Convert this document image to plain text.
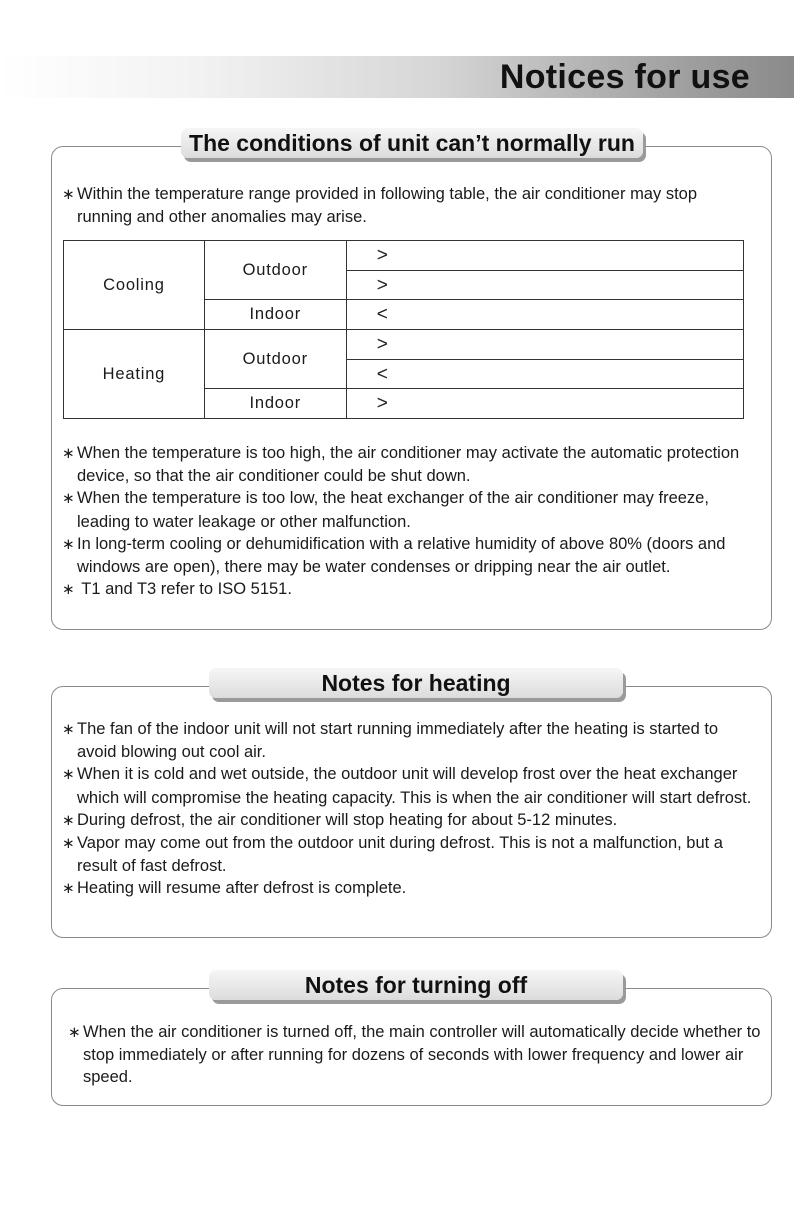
Notices for use
The conditions of unit can’t normally run

∗ Within the temperature range provided in following table, the air conditioner may stop running and other anomalies may arise.

Cooling	Outdoor	>
		>
	Indoor	<
Heating	Outdoor	>
		<
	Indoor	>

∗ When the temperature is too high, the air conditioner may activate the automatic protection device, so that the air conditioner could be shut down.

∗ When the temperature is too low, the heat exchanger of the air conditioner may freeze, leading to water leakage or other malfunction.

∗ In long-term cooling or dehumidification with a relative humidity of above 80% (doors and windows are open), there may be water condenses or dripping near the air outlet.

∗ T1 and T3 refer to ISO 5151.

Notes for heating

∗ The fan of the indoor unit will not start running immediately after the heating is started to avoid blowing out cool air.

∗ When it is cold and wet outside, the outdoor unit will develop frost over the heat exchanger which will compromise the heating capacity. This is when the air conditioner will start defrost.

∗ During defrost, the air conditioner will stop heating for about 5-12 minutes.

∗ Vapor may come out from the outdoor unit during defrost. This is not a malfunction, but a result of fast defrost.

∗ Heating will resume after defrost is complete.

Notes for turning off

∗ When the air conditioner is turned off, the main controller will automatically decide whether to stop immediately or after running for dozens of seconds with lower frequency and lower air speed.
